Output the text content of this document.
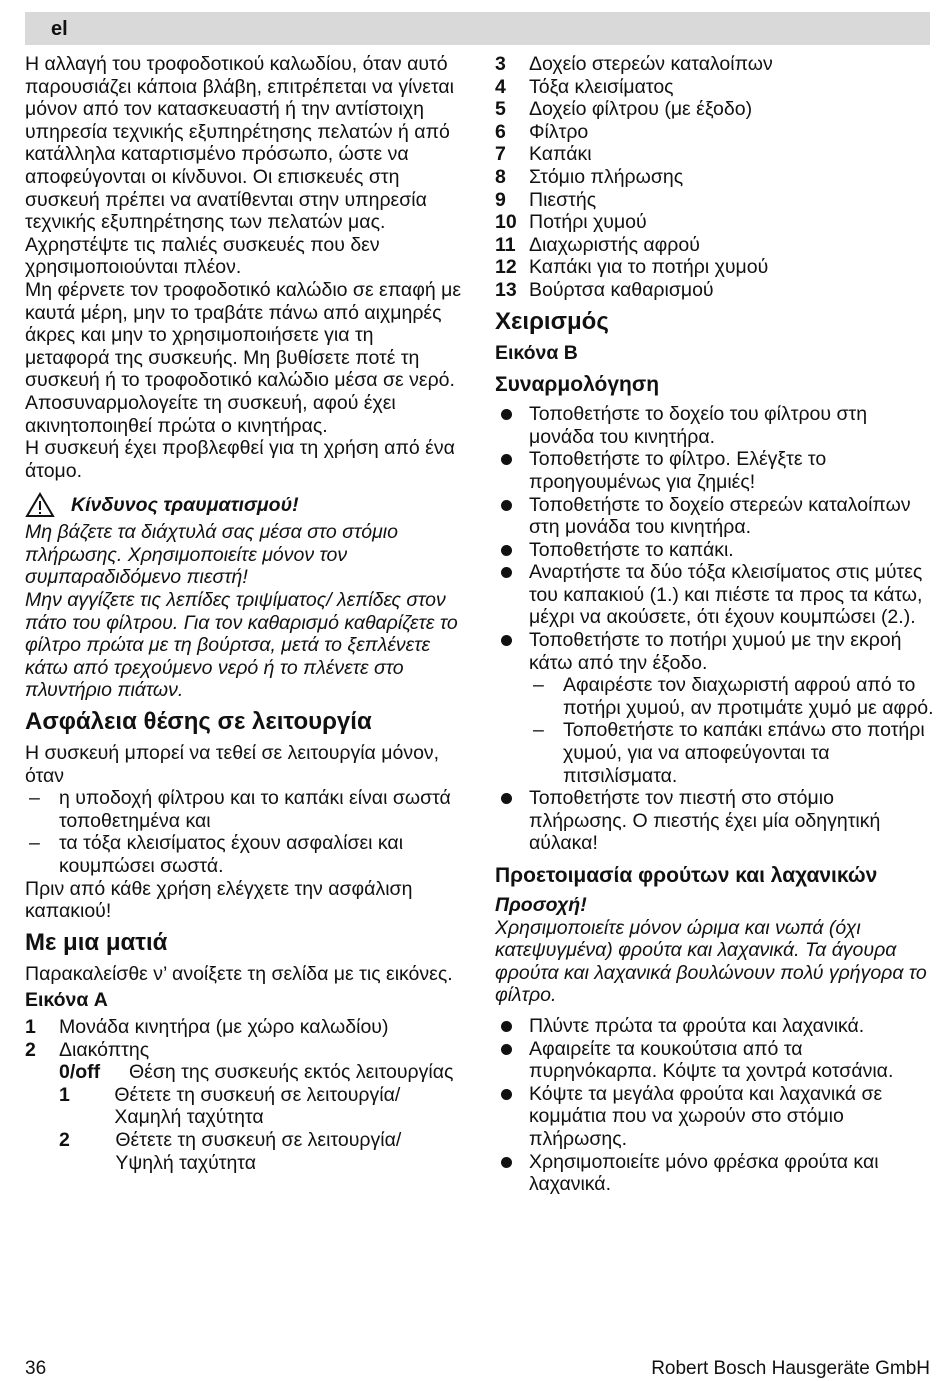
el

Η αλλαγή του τροφοδοτικού καλωδίου, όταν αυτό παρουσιάζει κάποια βλάβη, επιτρέπεται να γίνεται μόνον από τον κατασκευαστή ή την αντίστοιχη υπηρεσία τεχνικής εξυπηρέτησης πελατών ή από κατάλληλα καταρτισμένο πρόσωπο, ώστε να αποφεύγονται οι κίνδυνοι. Οι επισκευές στη συσκευή πρέπει να ανατίθενται στην υπηρεσία τεχνικής εξυπηρέτησης των πελατών μας. Αχρηστέψτε τις παλιές συσκευές που δεν χρησιμοποιούνται πλέον.

Μη φέρνετε τον τροφοδοτικό καλώδιο σε επαφή με καυτά μέρη, μην το τραβάτε πάνω από αιχμηρές άκρες και μην το χρησιμοποιήσετε για τη μεταφορά της συσκευής. Μη βυθίσετε ποτέ τη συσκευή ή το τροφοδοτικό καλώδιο μέσα σε νερό.

Αποσυναρμολογείτε τη συσκευή, αφού έχει ακινητοποιηθεί πρώτα ο κινητήρας.

Η συσκευή έχει προβλεφθεί για τη χρήση από ένα άτομο.

Κίνδυνος τραυματισμού!

Μη βάζετε τα διάχτυλά σας μέσα στο στόμιο πλήρωσης. Χρησιμοποιείτε μόνον τον συμπαραδιδόμενο πιεστή!

Μην αγγίζετε τις λεπίδες τριψίματος/ λεπίδες στον πάτο του φίλτρου. Για τον καθαρισμό καθαρίζετε το φίλτρο πρώτα με τη βούρτσα, μετά το ξεπλένετε κάτω από τρεχούμενο νερό ή το πλένετε στο πλυντήριο πιάτων.

Ασφάλεια θέσης σε λειτουργία

Η συσκευή μπορεί να τεθεί σε λειτουργία μόνον, όταν

– η υποδοχή φίλτρου και το καπάκι είναι σωστά τοποθετημένα και
– τα τόξα κλεισίματος έχουν ασφαλίσει και κουμπώσει σωστά.

Πριν από κάθε χρήση ελέγχετε την ασφάλιση καπακιού!

Με μια ματιά

Παρακαλείσθε ν’ ανοίξετε τη σελίδα με τις εικόνες.

Εικόνα A

1	Μονάδα κινητήρα (με χώρο καλωδίου)
2	Διακόπτης
0/off	Θέση της συσκευής εκτός λειτουργίας
1	Θέτετε τη συσκευή σε λειτουργία/ Χαμηλή ταχύτητα
2	Θέτετε τη συσκευή σε λειτουργία/ Υψηλή ταχύτητα
3	Δοχείο στερεών καταλοίπων
4	Τόξα κλεισίματος
5	Δοχείο φίλτρου (με έξοδο)
6	Φίλτρο
7	Καπάκι
8	Στόμιο πλήρωσης
9	Πιεστής
10 Ποτήρι χυμού
11 Διαχωριστής αφρού
12 Καπάκι για το ποτήρι χυμού
13 Βούρτσα καθαρισμού
Χειρισμός

Εικόνα B

Συναρμολόγηση
Τοποθετήστε το δοχείο του φίλτρου στη μονάδα του κινητήρα.
Τοποθετήστε το φίλτρο. Ελέγξτε το προηγουμένως για ζημιές!
Τοποθετήστε το δοχείο στερεών καταλοίπων στη μονάδα του κινητήρα.
Τοποθετήστε το καπάκι.
Αναρτήστε τα δύο τόξα κλεισίματος στις μύτες του καπακιού (1.) και πιέστε τα προς τα κάτω, μέχρι να ακούσετε, ότι έχουν κουμπώσει (2.).
Τοποθετήστε το ποτήρι χυμού με την εκροή κάτω από την έξοδο.
– Αφαιρέστε τον διαχωριστή αφρού από το ποτήρι χυμού, αν προτιμάτε χυμό με αφρό.
– Τοποθετήστε το καπάκι επάνω στο ποτήρι χυμού, για να αποφεύγονται τα πιτσιλίσματα.
Τοποθετήστε τον πιεστή στο στόμιο πλήρωσης. Ο πιεστής έχει μία οδηγητική αύλακα!
Προετοιμασία φρούτων και λαχανικών

Προσοχή!

Χρησιμοποιείτε μόνον ώριμα και νωπά (όχι κατεψυγμένα) φρούτα και λαχανικά. Τα άγουρα φρούτα και λαχανικά βουλώνουν πολύ γρήγορα το φίλτρο.

Πλύντε πρώτα τα φρούτα και λαχανικά.
Αφαιρείτε τα κουκούτσια από τα πυρηνόκαρπα. Κόψτε τα χοντρά κοτσάνια.
Κόψτε τα μεγάλα φρούτα και λαχανικά σε κομμάτια που να χωρούν στο στόμιο πλήρωσης.
Χρησιμοποιείτε μόνο φρέσκα φρούτα και λαχανικά.
36	Robert Bosch Hausgeräte GmbH
